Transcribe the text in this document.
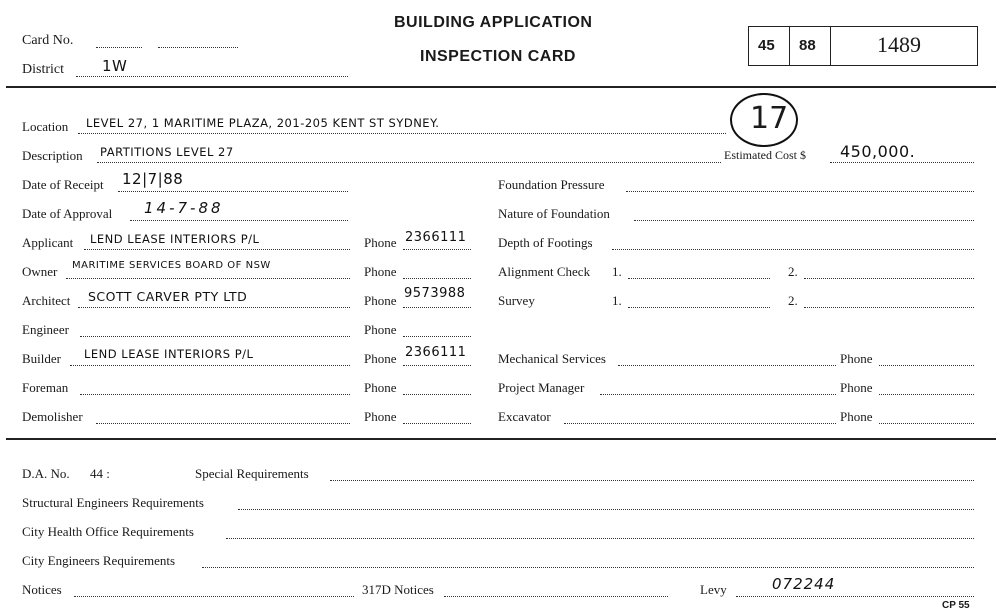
Card No.
District	1W
BUILDING APPLICATION
INSPECTION CARD
45 88	1489
17
Location LEVEL 27, 1 MARITIME PLAZA, 201-205 KENT ST SYDNEY.
Description PARTITIONS LEVEL 27	Estimated Cost $ 450,000.
Date of Receipt 12|7|88
Date of Approval 14-7-88
Applicant LEND LEASE INTERIORS P/L	Phone 2366111
Owner MARITIME SERVICES BOARD OF NSW	Phone
Architect SCOTT CARVER PTY LTD	Phone 9573988
Engineer	Phone
Builder LEND LEASE INTERIORS P/L	Phone 2366111
Foreman	Phone
Demolisher	Phone
Foundation Pressure
Nature of Foundation
Depth of Footings
Alignment Check 1.	2.
Survey	1.	2.
Mechanical Services	Phone
Project Manager	Phone
Excavator	Phone
D.A. No. 44 :	Special Requirements
Structural Engineers Requirements
City Health Office Requirements
City Engineers Requirements
Notices	317D Notices	Levy	072244
CP 55
